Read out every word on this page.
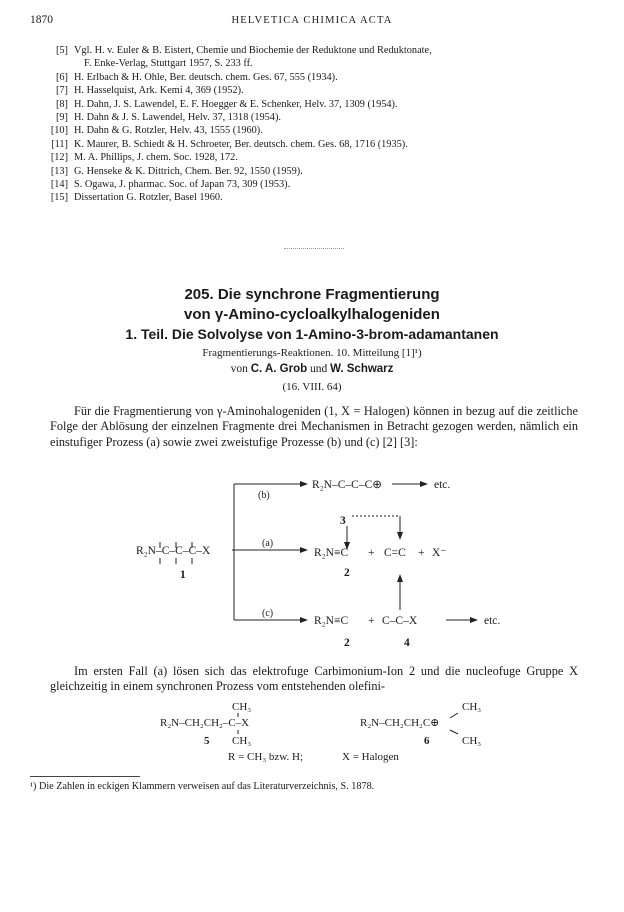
1870	HELVETICA CHIMICA ACTA
[5] Vgl. H. v. Euler & B. Eistert, Chemie und Biochemie der Reduktone und Reduktonate,
F. Enke-Verlag, Stuttgart 1957, S. 233 ff.
[6] H. Erlbach & H. Ohle, Ber. deutsch. chem. Ges. 67, 555 (1934).
[7] H. Hasselquist, Ark. Kemi 4, 369 (1952).
[8] H. Dahn, J. S. Lawendel, E. F. Hoegger & E. Schenker, Helv. 37, 1309 (1954).
[9] H. Dahn & J. S. Lawendel, Helv. 37, 1318 (1954).
[10] H. Dahn & G. Rotzler, Helv. 43, 1555 (1960).
[11] K. Maurer, B. Schiedt & H. Schroeter, Ber. deutsch. chem. Ges. 68, 1716 (1935).
[12] M. A. Phillips, J. chem. Soc. 1928, 172.
[13] G. Henseke & K. Dittrich, Chem. Ber. 92, 1550 (1959).
[14] S. Ogawa, J. pharmac. Soc. of Japan 73, 309 (1953).
[15] Dissertation G. Rotzler, Basel 1960.
205. Die synchrone Fragmentierung
von γ-Amino-cycloalkylhalogeniden
1. Teil. Die Solvolyse von 1-Amino-3-brom-adamantanen
Fragmentierungs-Reaktionen. 10. Mitteilung [1]¹)
von C. A. Grob und W. Schwarz
(16. VIII. 64)
Für die Fragmentierung von γ-Aminohalogeniden (1, X = Halogen) können in bezug auf die zeitliche Folge der Ablösung der einzelnen Fragmente drei Mechanismen in Betracht gezogen werden, nämlich ein einstufiger Prozess (a) sowie zwei zweistufige Prozesse (b) und (c) [2] [3]:
(b)
(a)
(c)
R₂N–C–C–C–X
1
R₂N–C–C–C⊕	etc.
3
R₂N≡C + C=C + X⁻
2
R₂N≡C + C–C–X	etc.
2	4
Im ersten Fall (a) lösen sich das elektrofuge Carbimonium-Ion 2 und die nucleofuge Gruppe X gleichzeitig in einem synchronen Prozess vom entstehenden olefini-
CH₃
R₂N–CH₂CH₂–C–X
CH₃
5
CH₃
R₂N–CH₂CH₂C⊕
CH₃
6
R = CH₃ bzw. H;	X = Halogen
¹) Die Zahlen in eckigen Klammern verweisen auf das Literaturverzeichnis, S. 1878.
